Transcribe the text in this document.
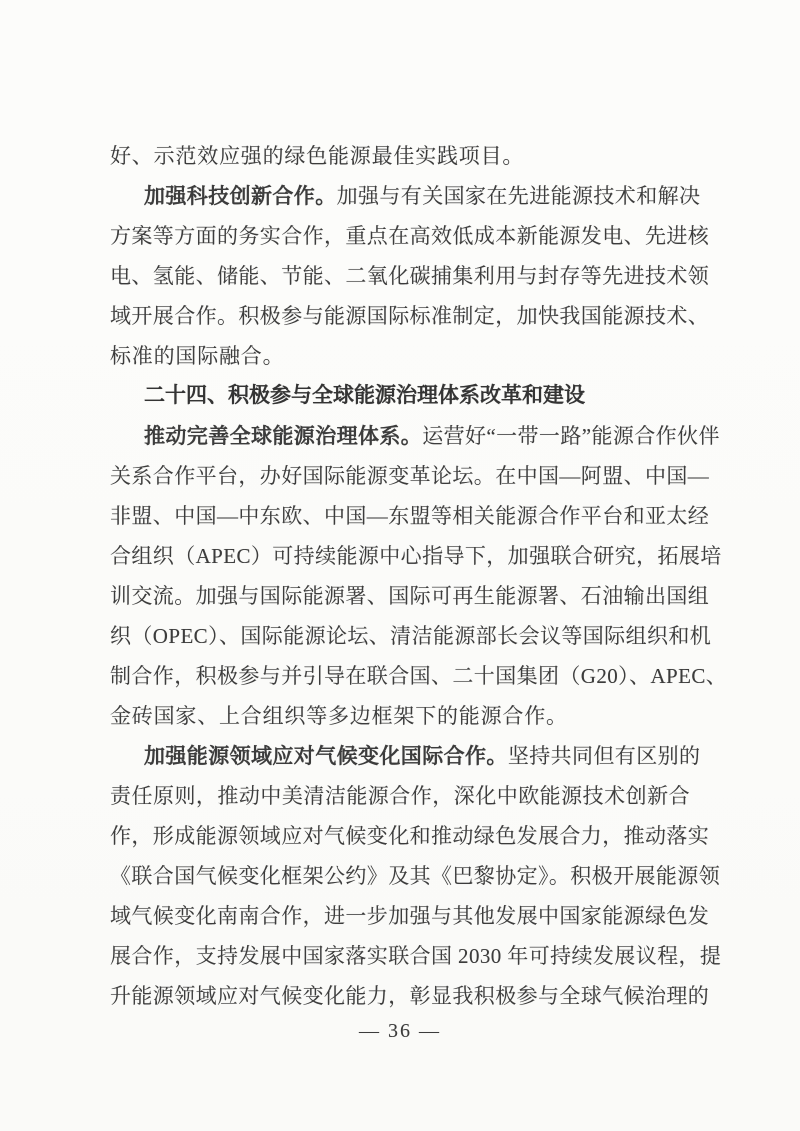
好、示范效应强的绿色能源最佳实践项目。
加强科技创新合作。加强与有关国家在先进能源技术和解决
方案等方面的务实合作，重点在高效低成本新能源发电、先进核
电、氢能、储能、节能、二氧化碳捕集利用与封存等先进技术领
域开展合作。积极参与能源国际标准制定，加快我国能源技术、
标准的国际融合。
二十四、积极参与全球能源治理体系改革和建设
推动完善全球能源治理体系。运营好“一带一路”能源合作伙伴
关系合作平台，办好国际能源变革论坛。在中国—阿盟、中国—
非盟、中国—中东欧、中国—东盟等相关能源合作平台和亚太经
合组织（APEC）可持续能源中心指导下，加强联合研究，拓展培
训交流。加强与国际能源署、国际可再生能源署、石油输出国组
织（OPEC）、国际能源论坛、清洁能源部长会议等国际组织和机
制合作，积极参与并引导在联合国、二十国集团（G20）、APEC、
金砖国家、上合组织等多边框架下的能源合作。
加强能源领域应对气候变化国际合作。坚持共同但有区别的
责任原则，推动中美清洁能源合作，深化中欧能源技术创新合
作，形成能源领域应对气候变化和推动绿色发展合力，推动落实
《联合国气候变化框架公约》及其《巴黎协定》。积极开展能源领
域气候变化南南合作，进一步加强与其他发展中国家能源绿色发
展合作，支持发展中国家落实联合国 2030 年可持续发展议程，提
升能源领域应对气候变化能力，彰显我积极参与全球气候治理的
— 36 —
